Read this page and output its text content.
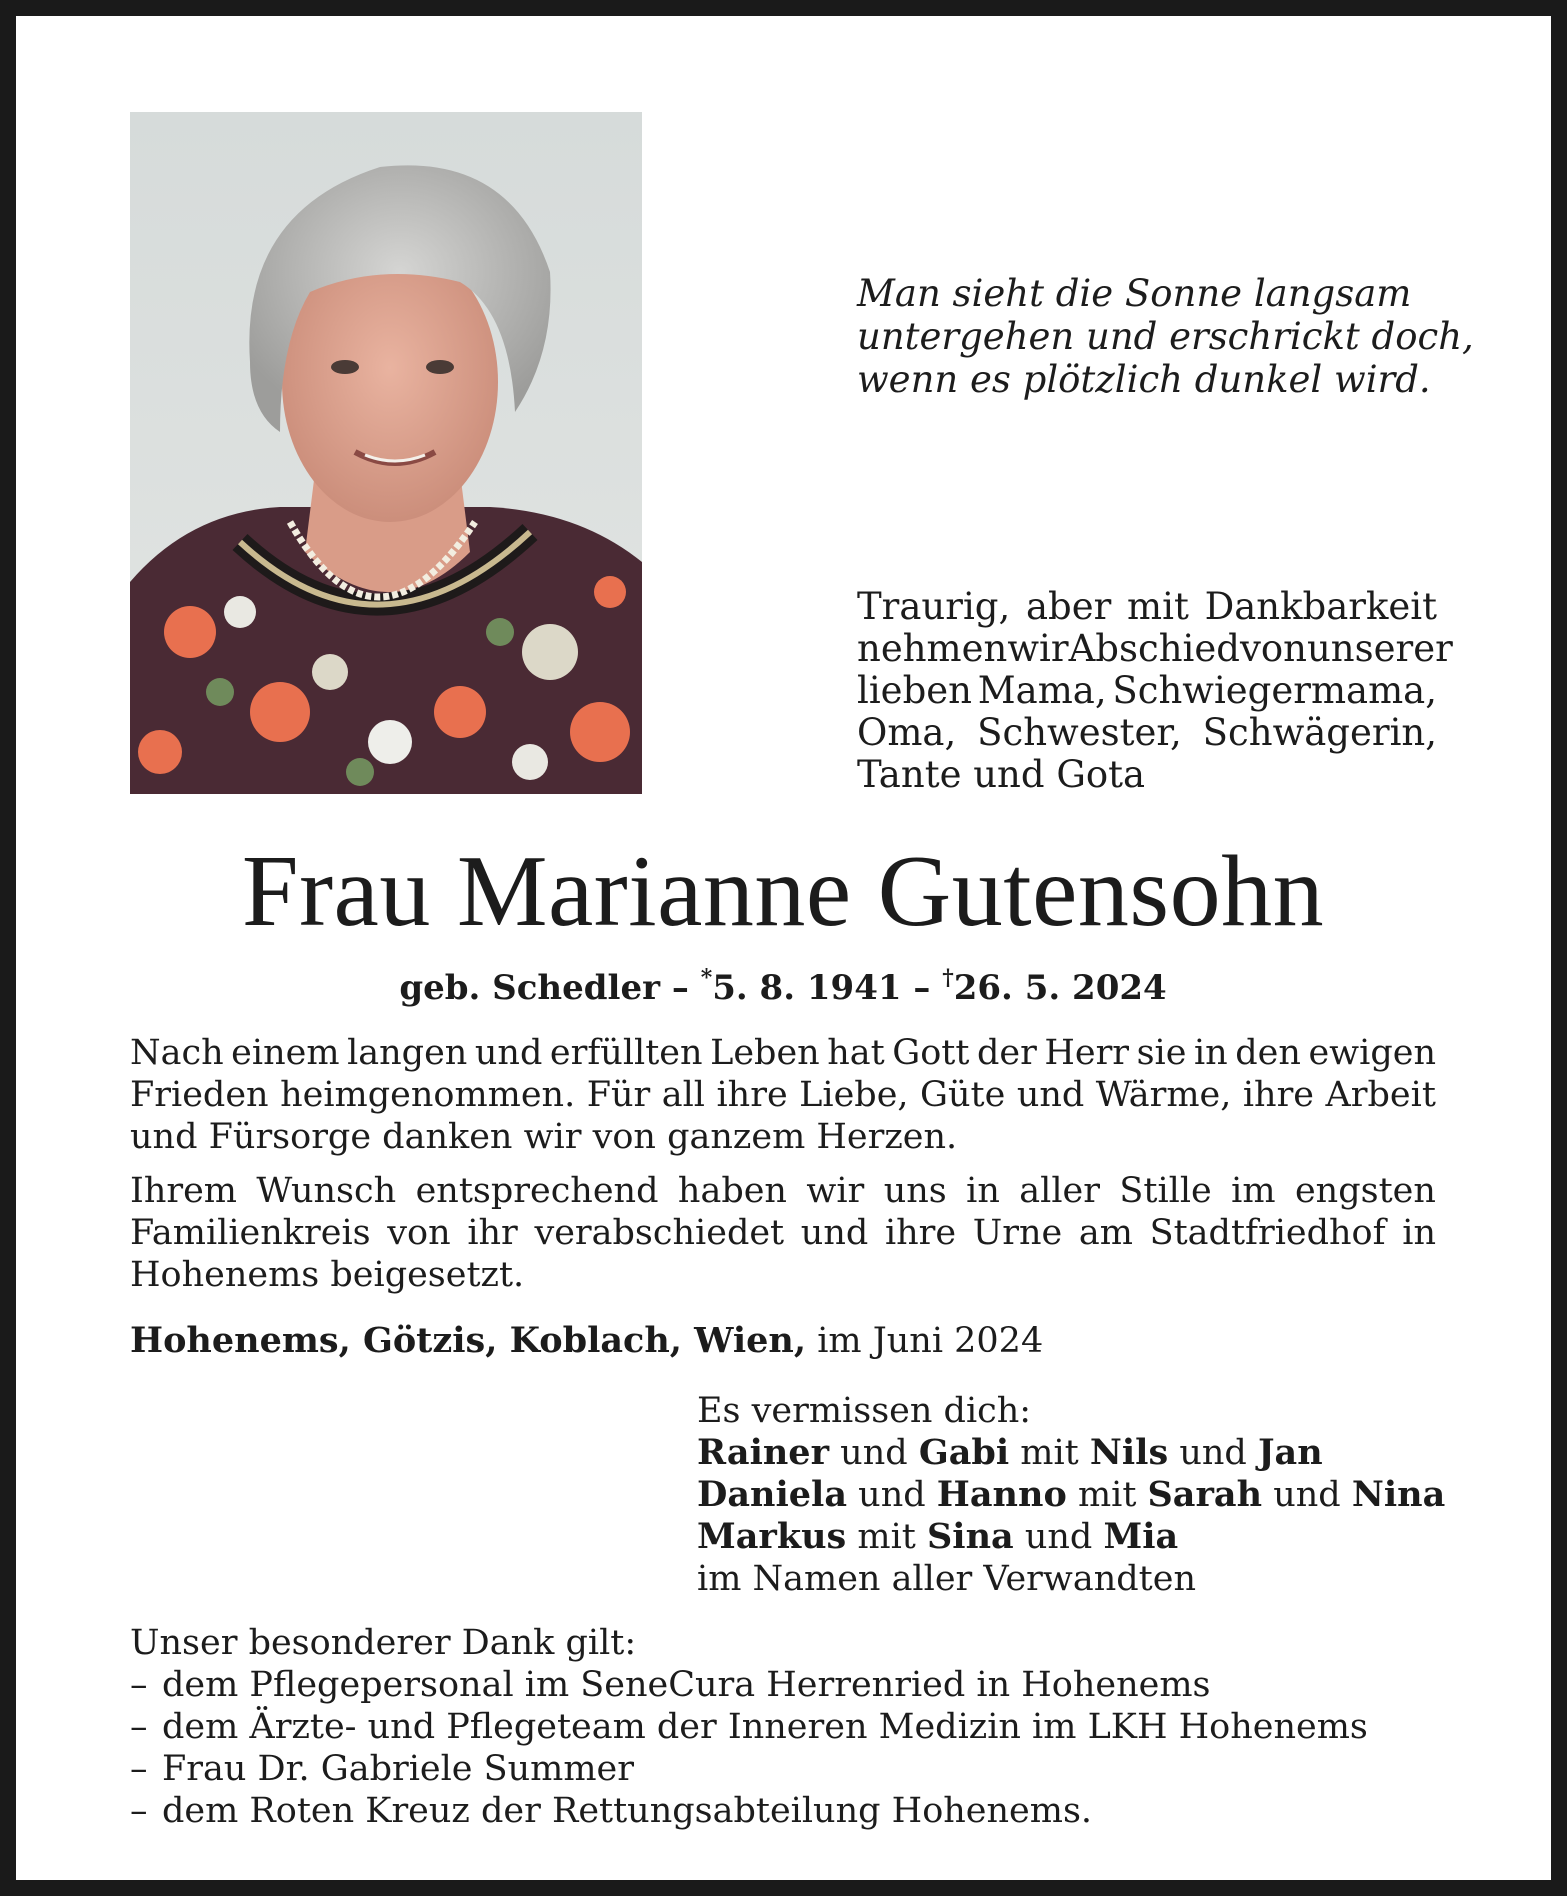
Man sieht die Sonne langsam
untergehen und erschrickt doch,
wenn es plötzlich dunkel wird.
Traurig, aber mit Dankbarkeit
nehmen wir Abschied von unserer
lieben Mama, Schwiegermama,
Oma, Schwester, Schwägerin,
Tante und Gota
Frau Marianne Gutensohn
geb. Schedler – *5. 8. 1941 – †26. 5. 2024
Nach einem langen und erfüllten Leben hat Gott der Herr sie in den ewigen
Frieden heimgenommen. Für all ihre Liebe, Güte und Wärme, ihre Arbeit
und Fürsorge danken wir von ganzem Herzen.
Ihrem Wunsch entsprechend haben wir uns in aller Stille im engsten
Familienkreis von ihr verabschiedet und ihre Urne am Stadtfriedhof in
Hohenems beigesetzt.
Hohenems, Götzis, Koblach, Wien, im Juni 2024
Es vermissen dich:
Rainer und Gabi mit Nils und Jan
Daniela und Hanno mit Sarah und Nina
Markus mit Sina und Mia
im Namen aller Verwandten
Unser besonderer Dank gilt:
– dem Pflegepersonal im SeneCura Herrenried in Hohenems
– dem Ärzte- und Pflegeteam der Inneren Medizin im LKH Hohenems
– Frau Dr. Gabriele Summer
– dem Roten Kreuz der Rettungsabteilung Hohenems.
